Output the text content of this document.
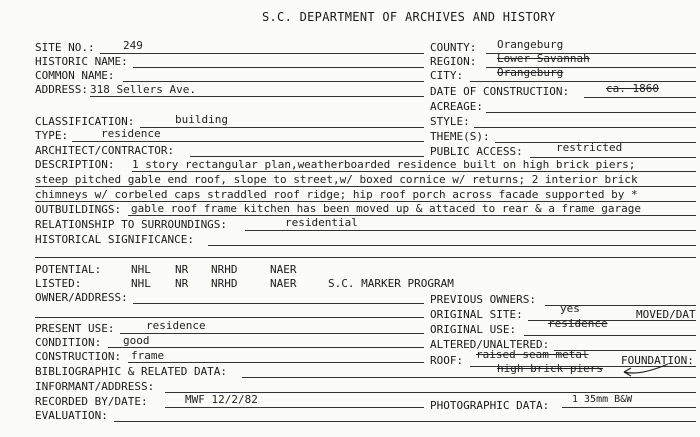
S.C. DEPARTMENT OF ARCHIVES AND HISTORY
SITE NO.:	249
HISTORIC NAME:
COMMON NAME:
ADDRESS: 318 Sellers Ave.
CLASSIFICATION:	building
TYPE:	residence
ARCHITECT/CONTRACTOR:
COUNTY: Orangeburg
REGION: Lower Savannah
CITY:	Orangeburg
DATE OF CONSTRUCTION:	ca. 1860
ACREAGE:
STYLE:
THEME(S):
PUBLIC ACCESS:	restricted
DESCRIPTION: 1 story rectangular plan,weatherboarded residence built on high brick piers;
steep pitched gable end roof, slope to street,w/ boxed cornice w/ returns; 2 interior brick
chimneys w/ corbeled caps straddled roof ridge; hip roof porch across facade supported by *
OUTBUILDINGS: gable roof frame kitchen has been moved up & attaced to rear & a frame garage
RELATIONSHIP TO SURROUNDINGS:	residential
HISTORICAL SIGNIFICANCE:
POTENTIAL:	NHL NR NRHD	NAER
LISTED:	NHL NR NRHD	NAER	S.C. MARKER PROGRAM
OWNER/ADDRESS:
PRESENT USE:	residence
CONDITION: good
CONSTRUCTION: frame
BIBLIOGRAPHIC & RELATED DATA:
INFORMANT/ADDRESS:
RECORDED BY/DATE:	MWF 12/2/82
EVALUATION:
PREVIOUS OWNERS:
ORIGINAL SITE:	yes	MOVED/DAT
ORIGINAL USE:	residence
ALTERED/UNALTERED:
ROOF: raised seam metal	FOUNDATION:
high brick piers
PHOTOGRAPHIC DATA: 1 35mm B&W
